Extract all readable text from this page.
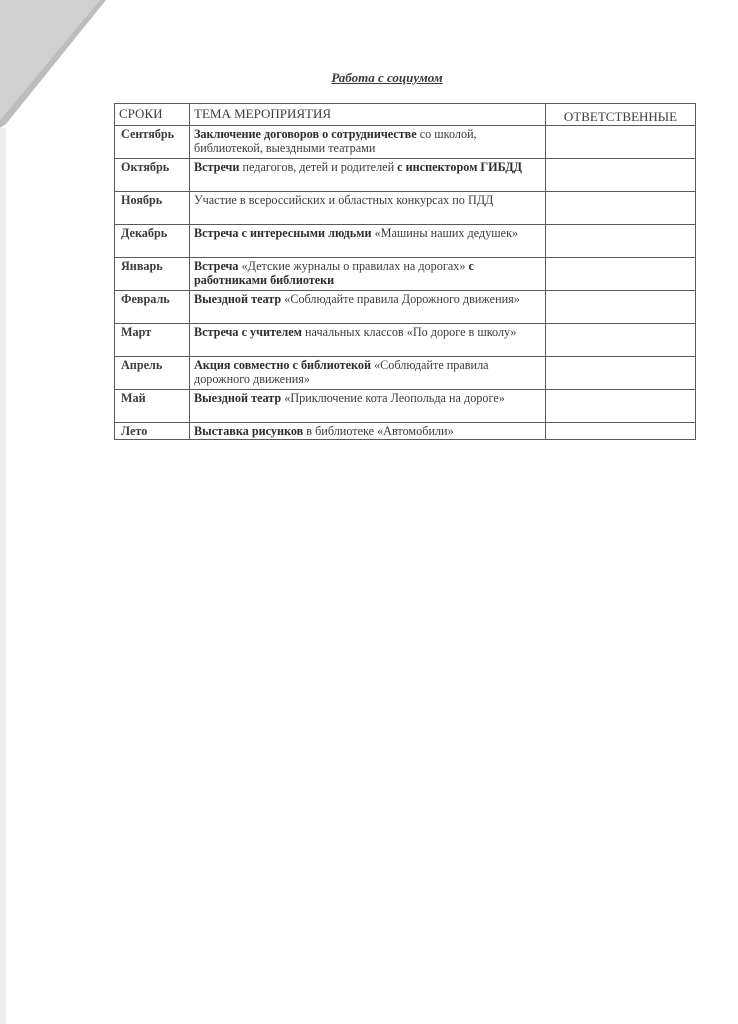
Работа с социумом
СРОКИ	ТЕМА МЕРОПРИЯТИЯ	ОТВЕТСТВЕННЫЕ
Сентябрь	Заключение договоров о сотрудничестве со школой, библиотекой, выездными театрами	
Октябрь	Встречи педагогов, детей и родителей с инспектором ГИБДД	
Ноябрь	Участие в всероссийских и областных конкурсах по ПДД	
Декабрь	Встреча с интересными людьми «Машины наших дедушек»	
Январь	Встреча «Детские журналы о правилах на дорогах» с работниками библиотеки	
Февраль	Выездной театр «Соблюдайте правила Дорожного движения»	
Март	Встреча с учителем начальных классов «По дороге в школу»	
Апрель	Акция совместно с библиотекой «Соблюдайте правила дорожного движения»	
Май	Выездной театр «Приключение кота Леопольда на дороге»	
Лето	Выставка рисунков в библиотеке «Автомобили»	
